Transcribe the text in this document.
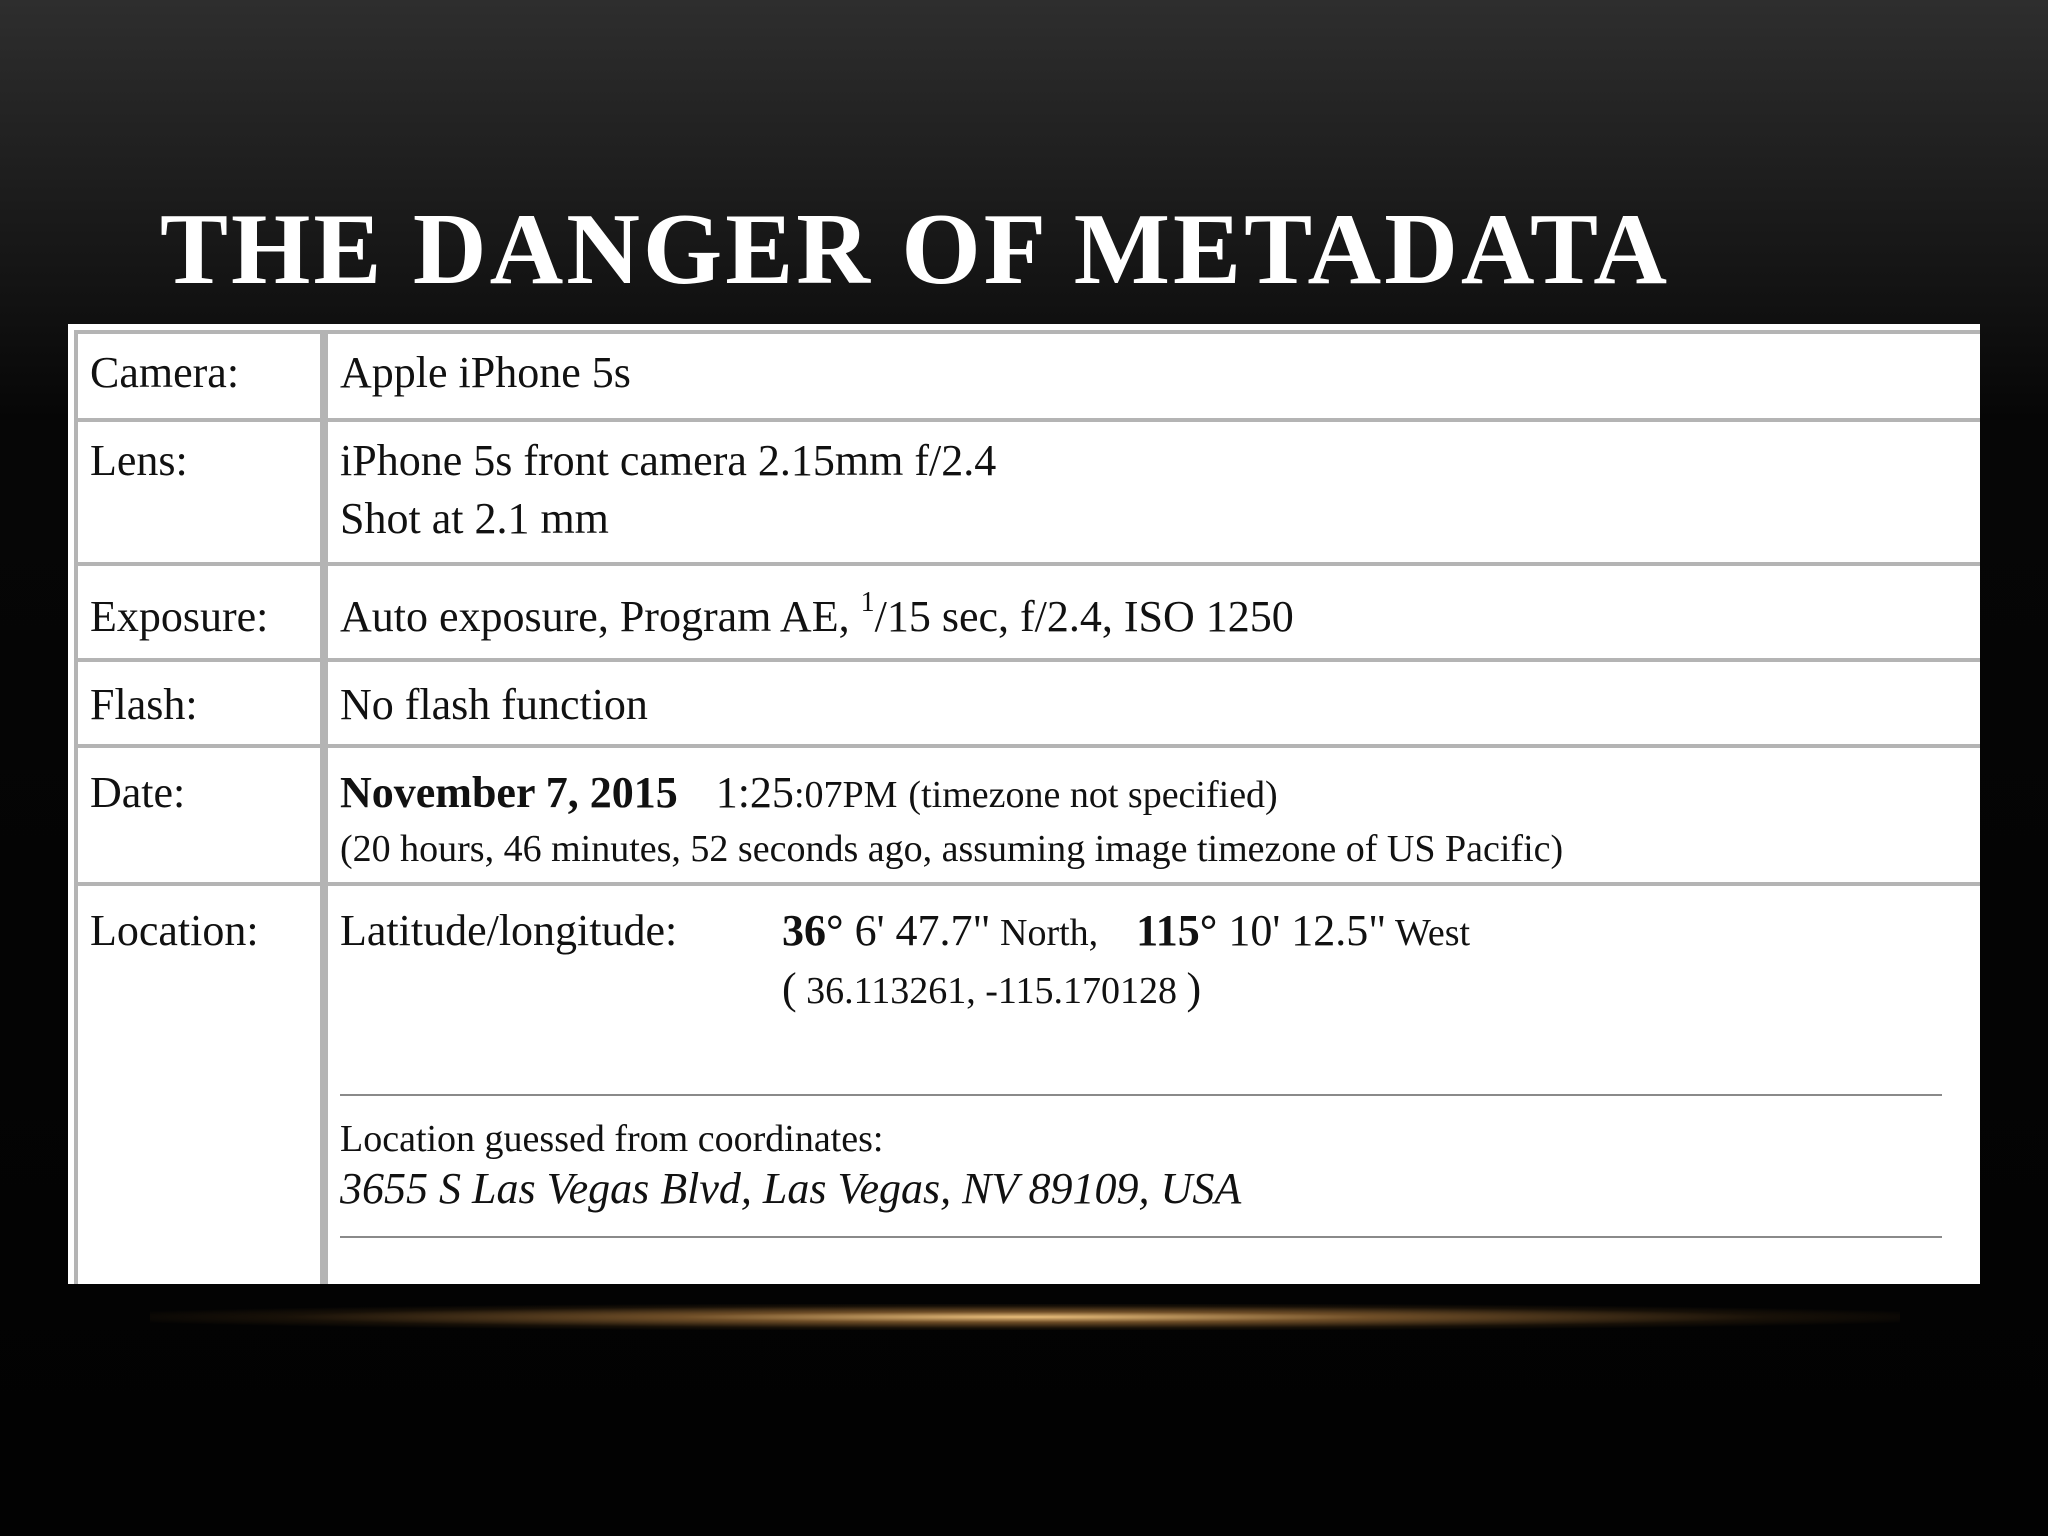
THE DANGER OF METADATA
Camera: Apple iPhone 5s
Lens:	iPhone 5s front camera 2.15mm f/2.4
Shot at 2.1 mm
Exposure: Auto exposure, Program AE, $^1$/15 sec, f/2.4, ISO 1250
Flash:	No flash function
Date:	November 7, 2015 1:25:07PM (timezone not specified)
(20 hours, 46 minutes, 52 seconds ago, assuming image timezone of US Pacific)
Location: Latitude/longitude: 36° 6' 47.7" North, 115° 10' 12.5" West
( 36.113261, -115.170128 )
Location guessed from coordinates:
3655 S Las Vegas Blvd, Las Vegas, NV 89109, USA
